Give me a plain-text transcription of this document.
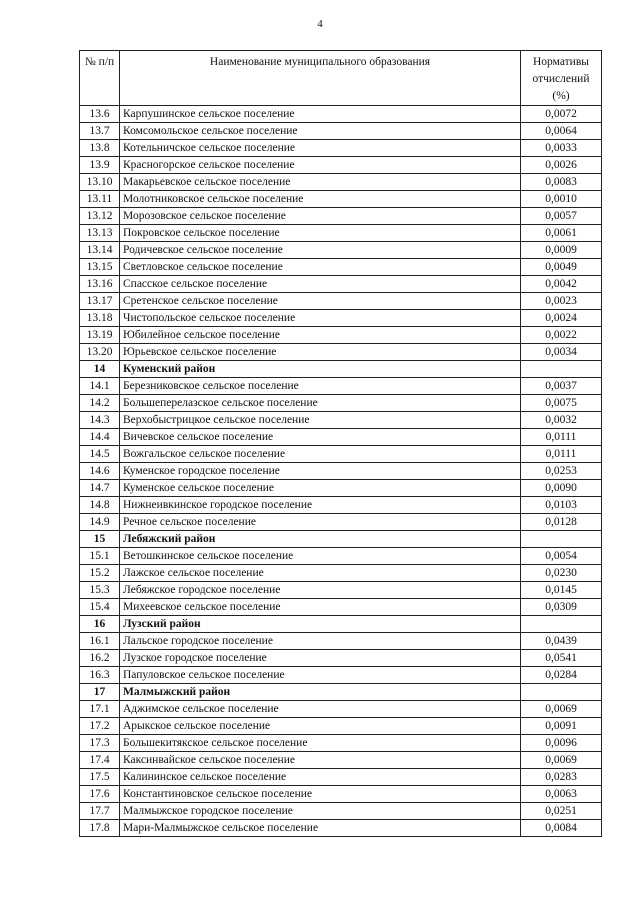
4
№ п/п	Наименование муниципального образования	Нормативы отчислений (%)
13.6	Карпушинское сельское поселение	0,0072
13.7	Комсомольское сельское поселение	0,0064
13.8	Котельничское сельское поселение	0,0033
13.9	Красногорское сельское поселение	0,0026
13.10	Макарьевское сельское поселение	0,0083
13.11	Молотниковское сельское поселение	0,0010
13.12	Морозовское сельское поселение	0,0057
13.13	Покровское сельское поселение	0,0061
13.14	Родичевское сельское поселение	0,0009
13.15	Светловское сельское поселение	0,0049
13.16	Спасское сельское поселение	0,0042
13.17	Сретенское сельское поселение	0,0023
13.18	Чистопольское сельское поселение	0,0024
13.19	Юбилейное сельское поселение	0,0022
13.20	Юрьевское сельское поселение	0,0034
14	Куменский район	
14.1	Березниковское сельское поселение	0,0037
14.2	Большеперелазское сельское поселение	0,0075
14.3	Верхобыстрицкое сельское поселение	0,0032
14.4	Вичевское сельское поселение	0,0111
14.5	Вожгальское сельское поселение	0,0111
14.6	Куменское городское поселение	0,0253
14.7	Куменское сельское поселение	0,0090
14.8	Нижнеивкинское городское поселение	0,0103
14.9	Речное сельское поселение	0,0128
15	Лебяжский район	
15.1	Ветошкинское сельское поселение	0,0054
15.2	Лажское сельское поселение	0,0230
15.3	Лебяжское городское поселение	0,0145
15.4	Михеевское сельское поселение	0,0309
16	Лузский район	
16.1	Лальское городское поселение	0,0439
16.2	Лузское городское поселение	0,0541
16.3	Папуловское сельское поселение	0,0284
17	Малмыжский район	
17.1	Аджимское сельское поселение	0,0069
17.2	Арыкское сельское поселение	0,0091
17.3	Большекитякское сельское поселение	0,0096
17.4	Каксинвайское сельское поселение	0,0069
17.5	Калининское сельское поселение	0,0283
17.6	Константиновское сельское поселение	0,0063
17.7	Малмыжское городское поселение	0,0251
17.8	Мари-Малмыжское сельское поселение	0,0084
